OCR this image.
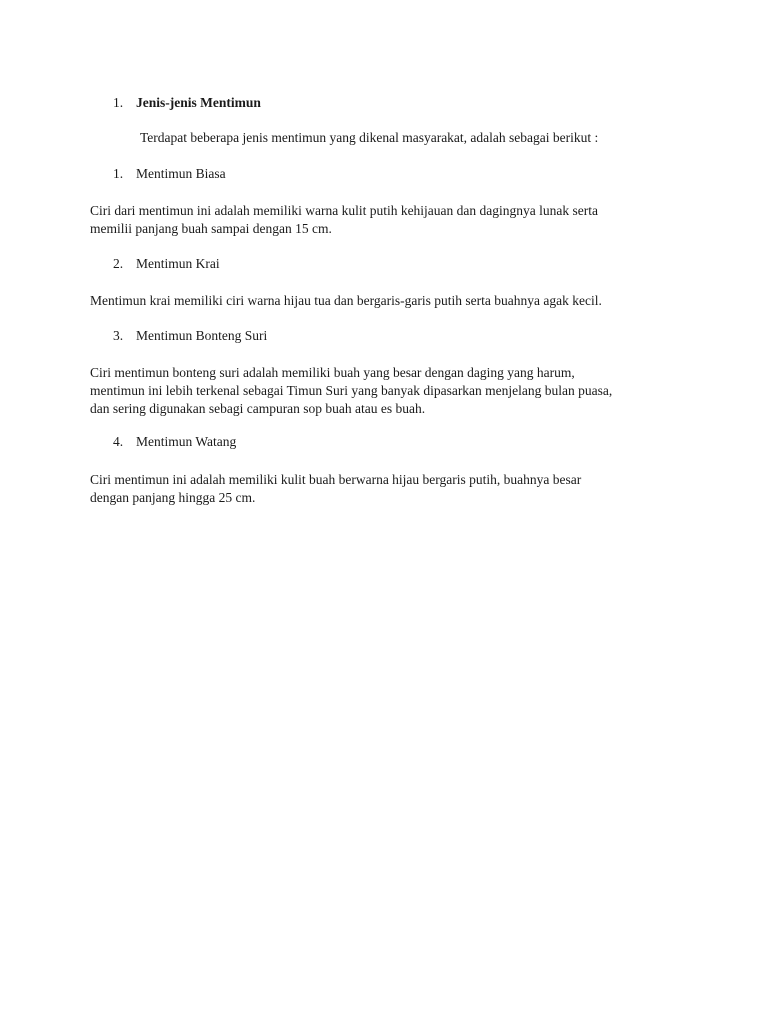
1. Jenis-jenis Mentimun
Terdapat beberapa jenis mentimun yang dikenal masyarakat, adalah sebagai berikut :
1. Mentimun Biasa
Ciri dari mentimun ini adalah memiliki warna kulit putih kehijauan dan dagingnya lunak serta
memilii panjang buah sampai dengan 15 cm.
2. Mentimun Krai
Mentimun krai memiliki ciri warna hijau tua dan bergaris-garis putih serta buahnya agak kecil.
3. Mentimun Bonteng Suri
Ciri mentimun bonteng suri adalah memiliki buah yang besar dengan daging yang harum,
mentimun ini lebih terkenal sebagai Timun Suri yang banyak dipasarkan menjelang bulan puasa,
dan sering digunakan sebagi campuran sop buah atau es buah.
4. Mentimun Watang
Ciri mentimun ini adalah memiliki kulit buah berwarna hijau bergaris putih, buahnya besar
dengan panjang hingga 25 cm.
